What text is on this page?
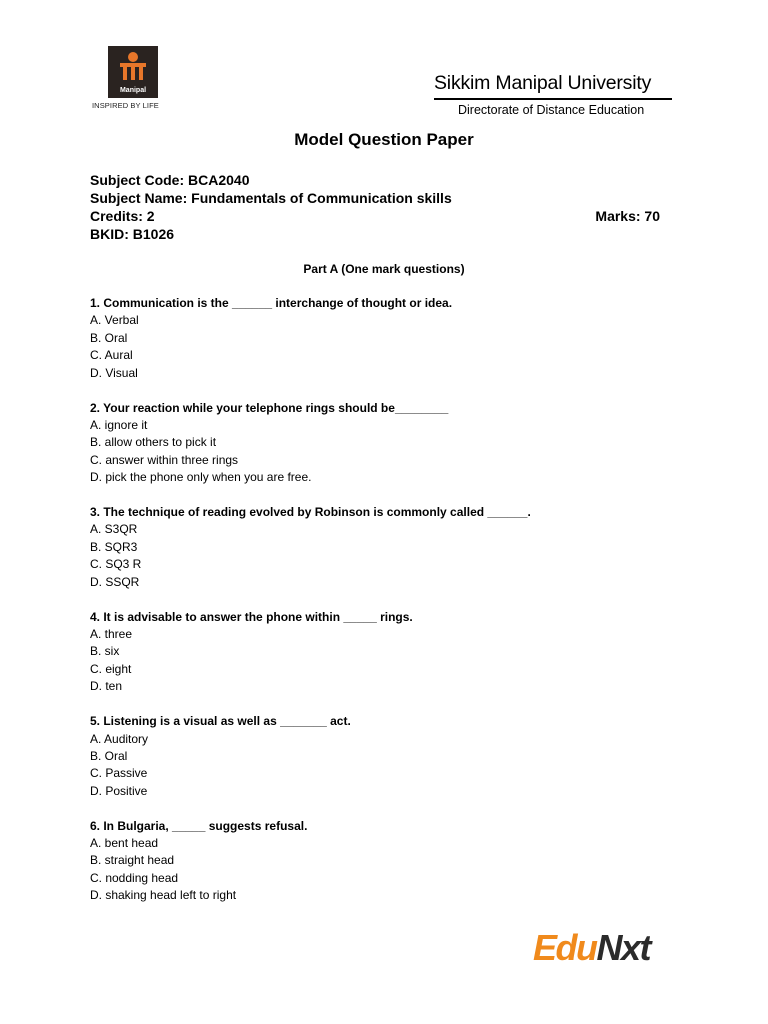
Manipal
INSPIRED BY LIFE
Sikkim Manipal University
Directorate of Distance Education
Model Question Paper
Subject Code: BCA2040
Subject Name: Fundamentals of Communication skills
Credits: 2	Marks: 70
BKID: B1026
Part A (One mark questions)
1. Communication is the ______ interchange of thought or idea.
A. Verbal
B. Oral
C. Aural
D. Visual
2. Your reaction while your telephone rings should be________
A. ignore it
B. allow others to pick it
C. answer within three rings
D. pick the phone only when you are free.
3. The technique of reading evolved by Robinson is commonly called ______.
A. S3QR
B. SQR3
C. SQ3 R
D. SSQR
4. It is advisable to answer the phone within _____ rings.
A. three
B. six
C. eight
D. ten
5. Listening is a visual as well as _______ act.
A. Auditory
B. Oral
C. Passive
D. Positive
6. In Bulgaria, _____ suggests refusal.
A. bent head
B. straight head
C. nodding head
D. shaking head left to right
EduNxt
